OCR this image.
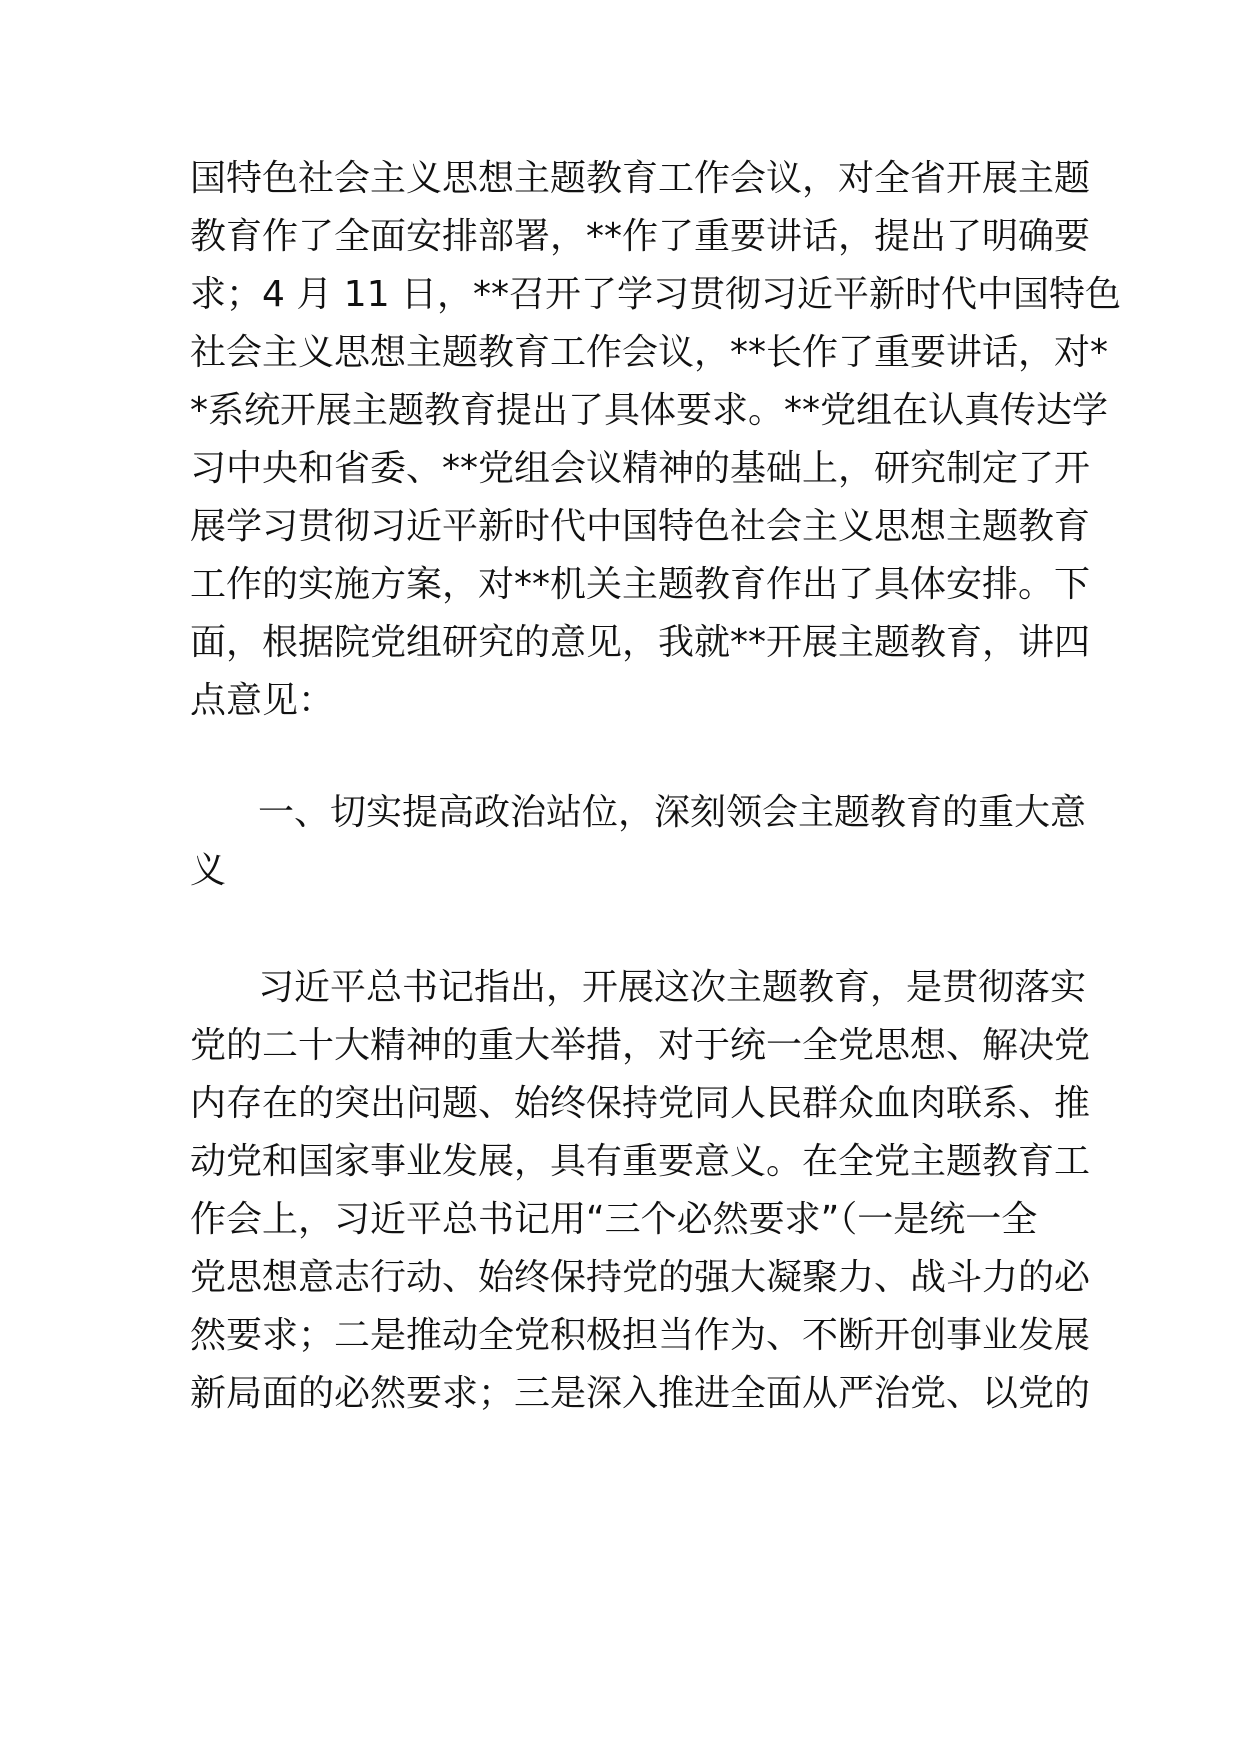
国特色社会主义思想主题教育工作会议，对全省开展主题
教育作了全面安排部署，**作了重要讲话，提出了明确要
求；4 月 11 日，**召开了学习贯彻习近平新时代中国特色
社会主义思想主题教育工作会议，**长作了重要讲话，对*
*系统开展主题教育提出了具体要求。**党组在认真传达学
习中央和省委、**党组会议精神的基础上，研究制定了开
展学习贯彻习近平新时代中国特色社会主义思想主题教育
工作的实施方案，对**机关主题教育作出了具体安排。下
面，根据院党组研究的意见，我就**开展主题教育，讲四
点意见：
一、切实提高政治站位，深刻领会主题教育的重大意
义
习近平总书记指出，开展这次主题教育，是贯彻落实
党的二十大精神的重大举措，对于统一全党思想、解决党
内存在的突出问题、始终保持党同人民群众血肉联系、推
动党和国家事业发展，具有重要意义。在全党主题教育工
作会上，习近平总书记用“三个必然要求”（一是统一全
党思想意志行动、始终保持党的强大凝聚力、战斗力的必
然要求；二是推动全党积极担当作为、不断开创事业发展
新局面的必然要求；三是深入推进全面从严治党、以党的
